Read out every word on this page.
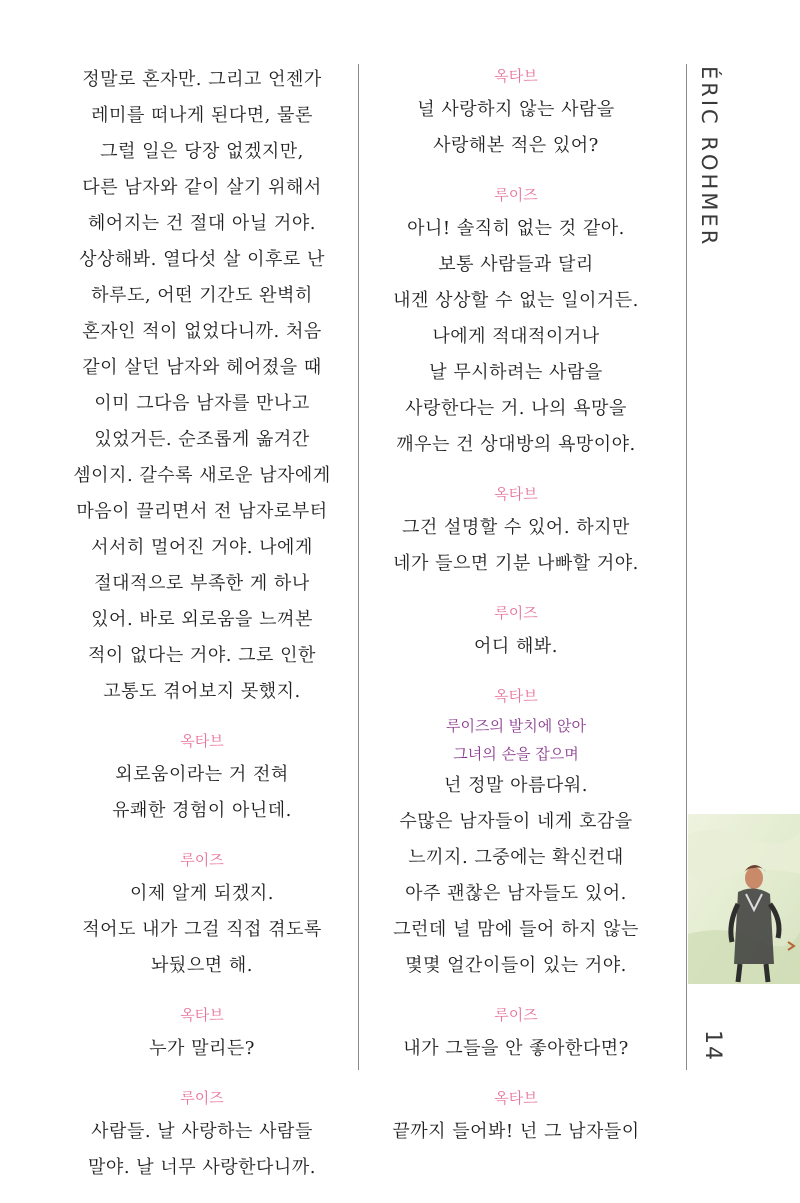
정말로 혼자만. 그리고 언젠가
레미를 떠나게 된다면, 물론
그럴 일은 당장 없겠지만,
다른 남자와 같이 살기 위해서
헤어지는 건 절대 아닐 거야.
상상해봐. 열다섯 살 이후로 난
하루도, 어떤 기간도 완벽히
혼자인 적이 없었다니까. 처음
같이 살던 남자와 헤어졌을 때
이미 그다음 남자를 만나고
있었거든. 순조롭게 옮겨간
셈이지. 갈수록 새로운 남자에게
마음이 끌리면서 전 남자로부터
서서히 멀어진 거야. 나에게
절대적으로 부족한 게 하나
있어. 바로 외로움을 느껴본
적이 없다는 거야. 그로 인한
고통도 겪어보지 못했지.
옥타브
외로움이라는 거 전혀
유쾌한 경험이 아닌데.
루이즈
이제 알게 되겠지.
적어도 내가 그걸 직접 겪도록
놔뒀으면 해.
옥타브
누가 말리든?
루이즈
사람들. 날 사랑하는 사람들
말야. 날 너무 사랑한다니까.
옥타브
널 사랑하지 않는 사람을
사랑해본 적은 있어?
루이즈
아니! 솔직히 없는 것 같아.
보통 사람들과 달리
내겐 상상할 수 없는 일이거든.
나에게 적대적이거나
날 무시하려는 사람을
사랑한다는 거. 나의 욕망을
깨우는 건 상대방의 욕망이야.
옥타브
그건 설명할 수 있어. 하지만
네가 들으면 기분 나빠할 거야.
루이즈
어디 해봐.
옥타브
루이즈의 발치에 앉아
그녀의 손을 잡으며
넌 정말 아름다워.
수많은 남자들이 네게 호감을
느끼지. 그중에는 확신컨대
아주 괜찮은 남자들도 있어.
그런데 널 맘에 들어 하지 않는
몇몇 얼간이들이 있는 거야.
루이즈
내가 그들을 안 좋아한다면?
옥타브
끝까지 들어봐! 넌 그 남자들이
ÉRIC ROHMER
14
